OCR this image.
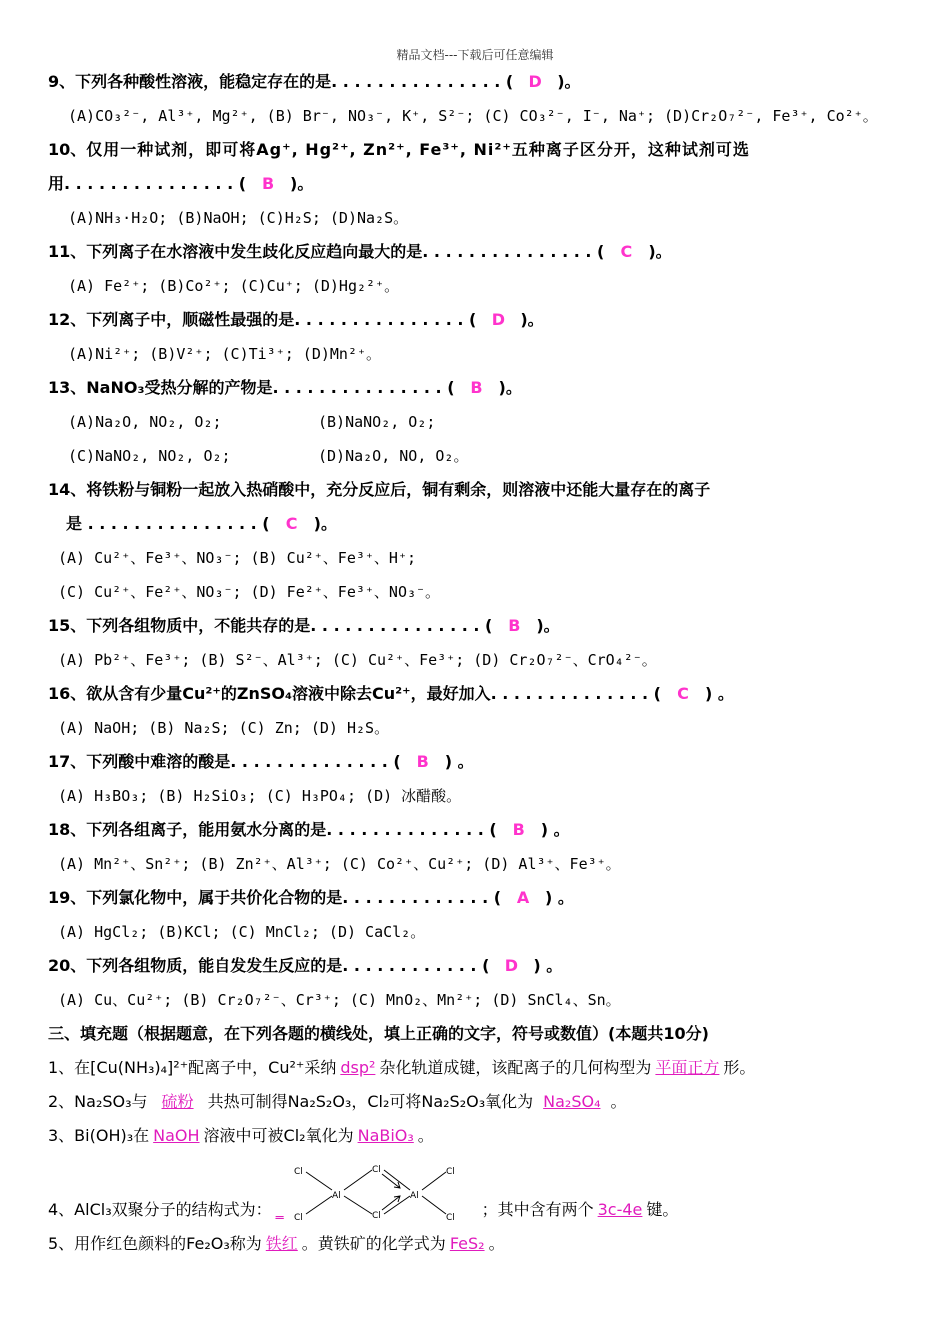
精品文档---下载后可任意编辑
9、下列各种酸性溶液，能稳定存在的是. . . . . . . . . . . . . . . ( D )。
(A)CO₃²⁻, Al³⁺, Mg²⁺, (B) Br⁻, NO₃⁻, K⁺, S²⁻; (C) CO₃²⁻, I⁻, Na⁺; (D)Cr₂O₇²⁻, Fe³⁺, Co²⁺。
10、仅用一种试剂，即可将Ag⁺, Hg²⁺, Zn²⁺, Fe³⁺, Ni²⁺五种离子区分开，这种试剂可选
用. . . . . . . . . . . . . . . ( B )。
(A)NH₃·H₂O; (B)NaOH; (C)H₂S; (D)Na₂S。
11、下列离子在水溶液中发生歧化反应趋向最大的是. . . . . . . . . . . . . . . ( C )。
(A) Fe²⁺; (B)Co²⁺; (C)Cu⁺; (D)Hg₂²⁺。
12、下列离子中，顺磁性最强的是. . . . . . . . . . . . . . . ( D )。
(A)Ni²⁺; (B)V²⁺; (C)Ti³⁺; (D)Mn²⁺。
13、NaNO₃受热分解的产物是. . . . . . . . . . . . . . . ( B )。
(A)Na₂O, NO₂, O₂;	(B)NaNO₂, O₂;
(C)NaNO₂, NO₂, O₂;	(D)Na₂O, NO, O₂。
14、将铁粉与铜粉一起放入热硝酸中，充分反应后，铜有剩余，则溶液中还能大量存在的离子
是 . . . . . . . . . . . . . . . ( C )。
(A) Cu²⁺、Fe³⁺、NO₃⁻; (B) Cu²⁺、Fe³⁺、H⁺;
(C) Cu²⁺、Fe²⁺、NO₃⁻; (D) Fe²⁺、Fe³⁺、NO₃⁻。
15、下列各组物质中，不能共存的是. . . . . . . . . . . . . . . ( B )。
(A) Pb²⁺、Fe³⁺; (B) S²⁻、Al³⁺; (C) Cu²⁺、Fe³⁺; (D) Cr₂O₇²⁻、CrO₄²⁻。
16、欲从含有少量Cu²⁺的ZnSO₄溶液中除去Cu²⁺，最好加入. . . . . . . . . . . . . . ( C ) 。
(A) NaOH; (B) Na₂S; (C) Zn; (D) H₂S。
17、下列酸中难溶的酸是. . . . . . . . . . . . . . ( B ) 。
(A) H₃BO₃; (B) H₂SiO₃; (C) H₃PO₄; (D) 冰醋酸。
18、下列各组离子，能用氨水分离的是. . . . . . . . . . . . . . ( B ) 。
(A) Mn²⁺、Sn²⁺; (B) Zn²⁺、Al³⁺; (C) Co²⁺、Cu²⁺; (D) Al³⁺、Fe³⁺。
19、下列氯化物中，属于共价化合物的是. . . . . . . . . . . . . ( A ) 。
(A) HgCl₂; (B)KCl; (C) MnCl₂; (D) CaCl₂。
20、下列各组物质，能自发发生反应的是. . . . . . . . . . . . ( D ) 。
(A) Cu、Cu²⁺; (B) Cr₂O₇²⁻、Cr³⁺; (C) MnO₂、Mn²⁺; (D) SnCl₄、Sn。
三、填充题（根据题意，在下列各题的横线处，填上正确的文字，符号或数值）(本题共10分)
1、在[Cu(NH₃)₄]²⁺配离子中，Cu²⁺采纳 dsp² 杂化轨道成键，该配离子的几何构型为 平面正方 形。
2、Na₂SO₃与 硫粉 共热可制得Na₂S₂O₃，Cl₂可将Na₂S₂O₃氧化为 Na₂SO₄ 。
3、Bi(OH)₃在 NaOH 溶液中可被Cl₂氧化为 NaBiO₃ 。
4、AlCl₃双聚分子的结构式为： _
Cl
Cl
Cl
Cl
Cl
Cl
Al	Al
；其中含有两个 3c-4e 键。
5、用作红色颜料的Fe₂O₃称为 铁红 。黄铁矿的化学式为 FeS₂ 。
